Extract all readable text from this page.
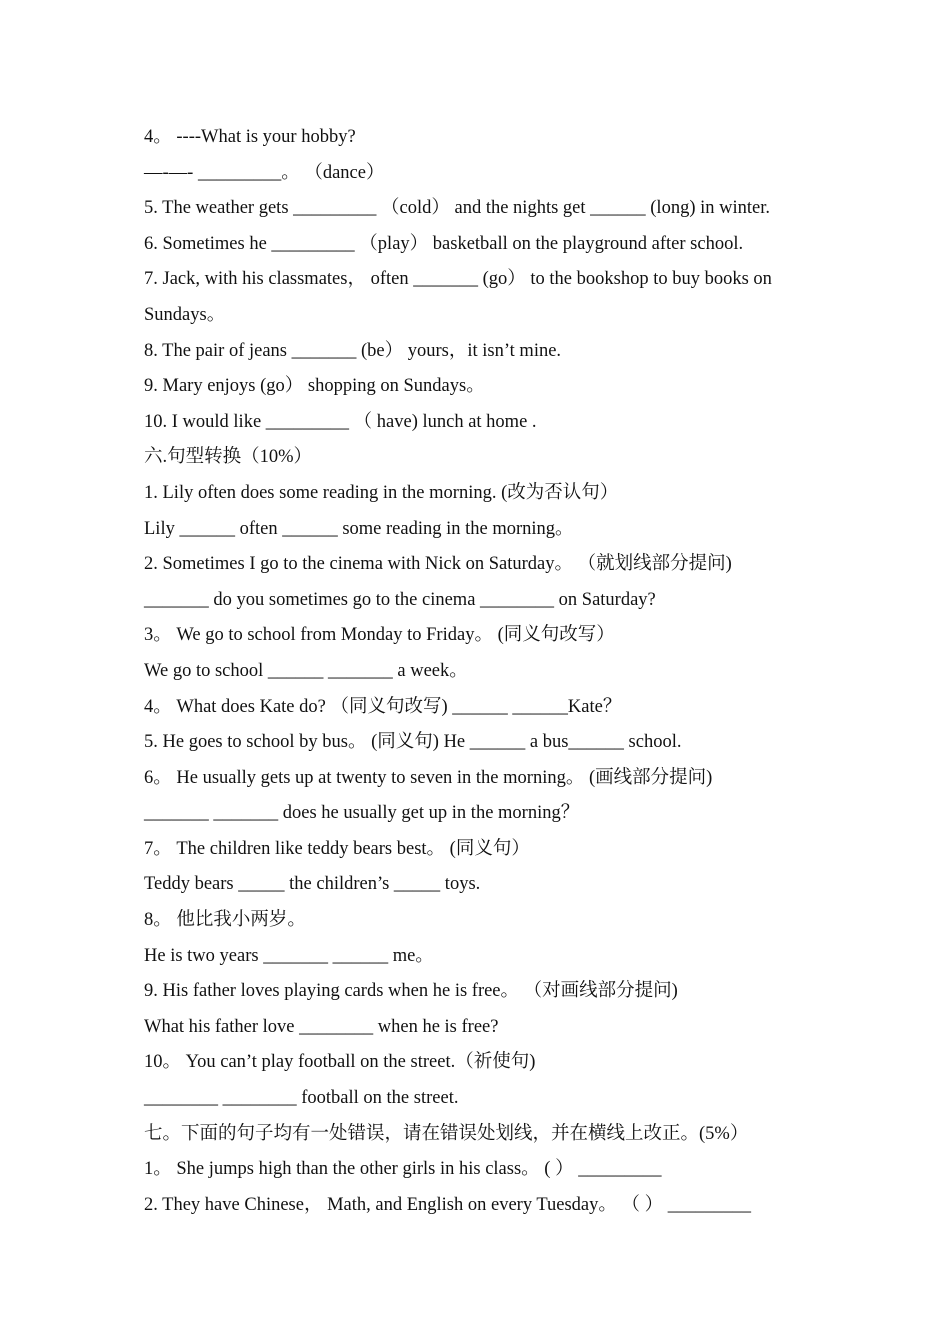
4。 ----What is your hobby?
—-—- _________。 （dance）
5. The weather gets _________ （cold） and the nights get ______ (long) in winter.
6. Sometimes he _________ （play） basketball on the playground after school.
7. Jack, with his classmates， often _______ (go） to the bookshop to buy books on
Sundays。
8. The pair of jeans _______ (be） yours，it isn’t mine.
9. Mary enjoys (go） shopping on Sundays。
10. I would like _________ （ have) lunch at home .
六.句型转换（10%）
1. Lily often does some reading in the morning. (改为否认句）
Lily ______ often ______ some reading in the morning。
2. Sometimes I go to the cinema with Nick on Saturday。 （就划线部分提问)
_______ do you sometimes go to the cinema ________ on Saturday?
3。 We go to school from Monday to Friday。 (同义句改写）
We go to school ______ _______ a week。
4。 What does Kate do? （同义句改写) ______ ______Kate？
5. He goes to school by bus。 (同义句) He ______ a bus______ school.
6。 He usually gets up at twenty to seven in the morning。 (画线部分提问)
_______ _______ does he usually get up in the morning？
7。 The children like teddy bears best。 (同义句）
Teddy bears _____ the children’s _____ toys.
8。 他比我小两岁。
He is two years _______ ______ me。
9. His father loves playing cards when he is free。 （对画线部分提问)
What his father love ________ when he is free?
10。 You can’t play football on the street.（祈使句)
________ ________ football on the street.
七。下面的句子均有一处错误，请在错误处划线，并在横线上改正。(5%）
1。 She jumps high than the other girls in his class。 ( ） _________
2. They have Chinese， Math, and English on every Tuesday。 （ ） _________
